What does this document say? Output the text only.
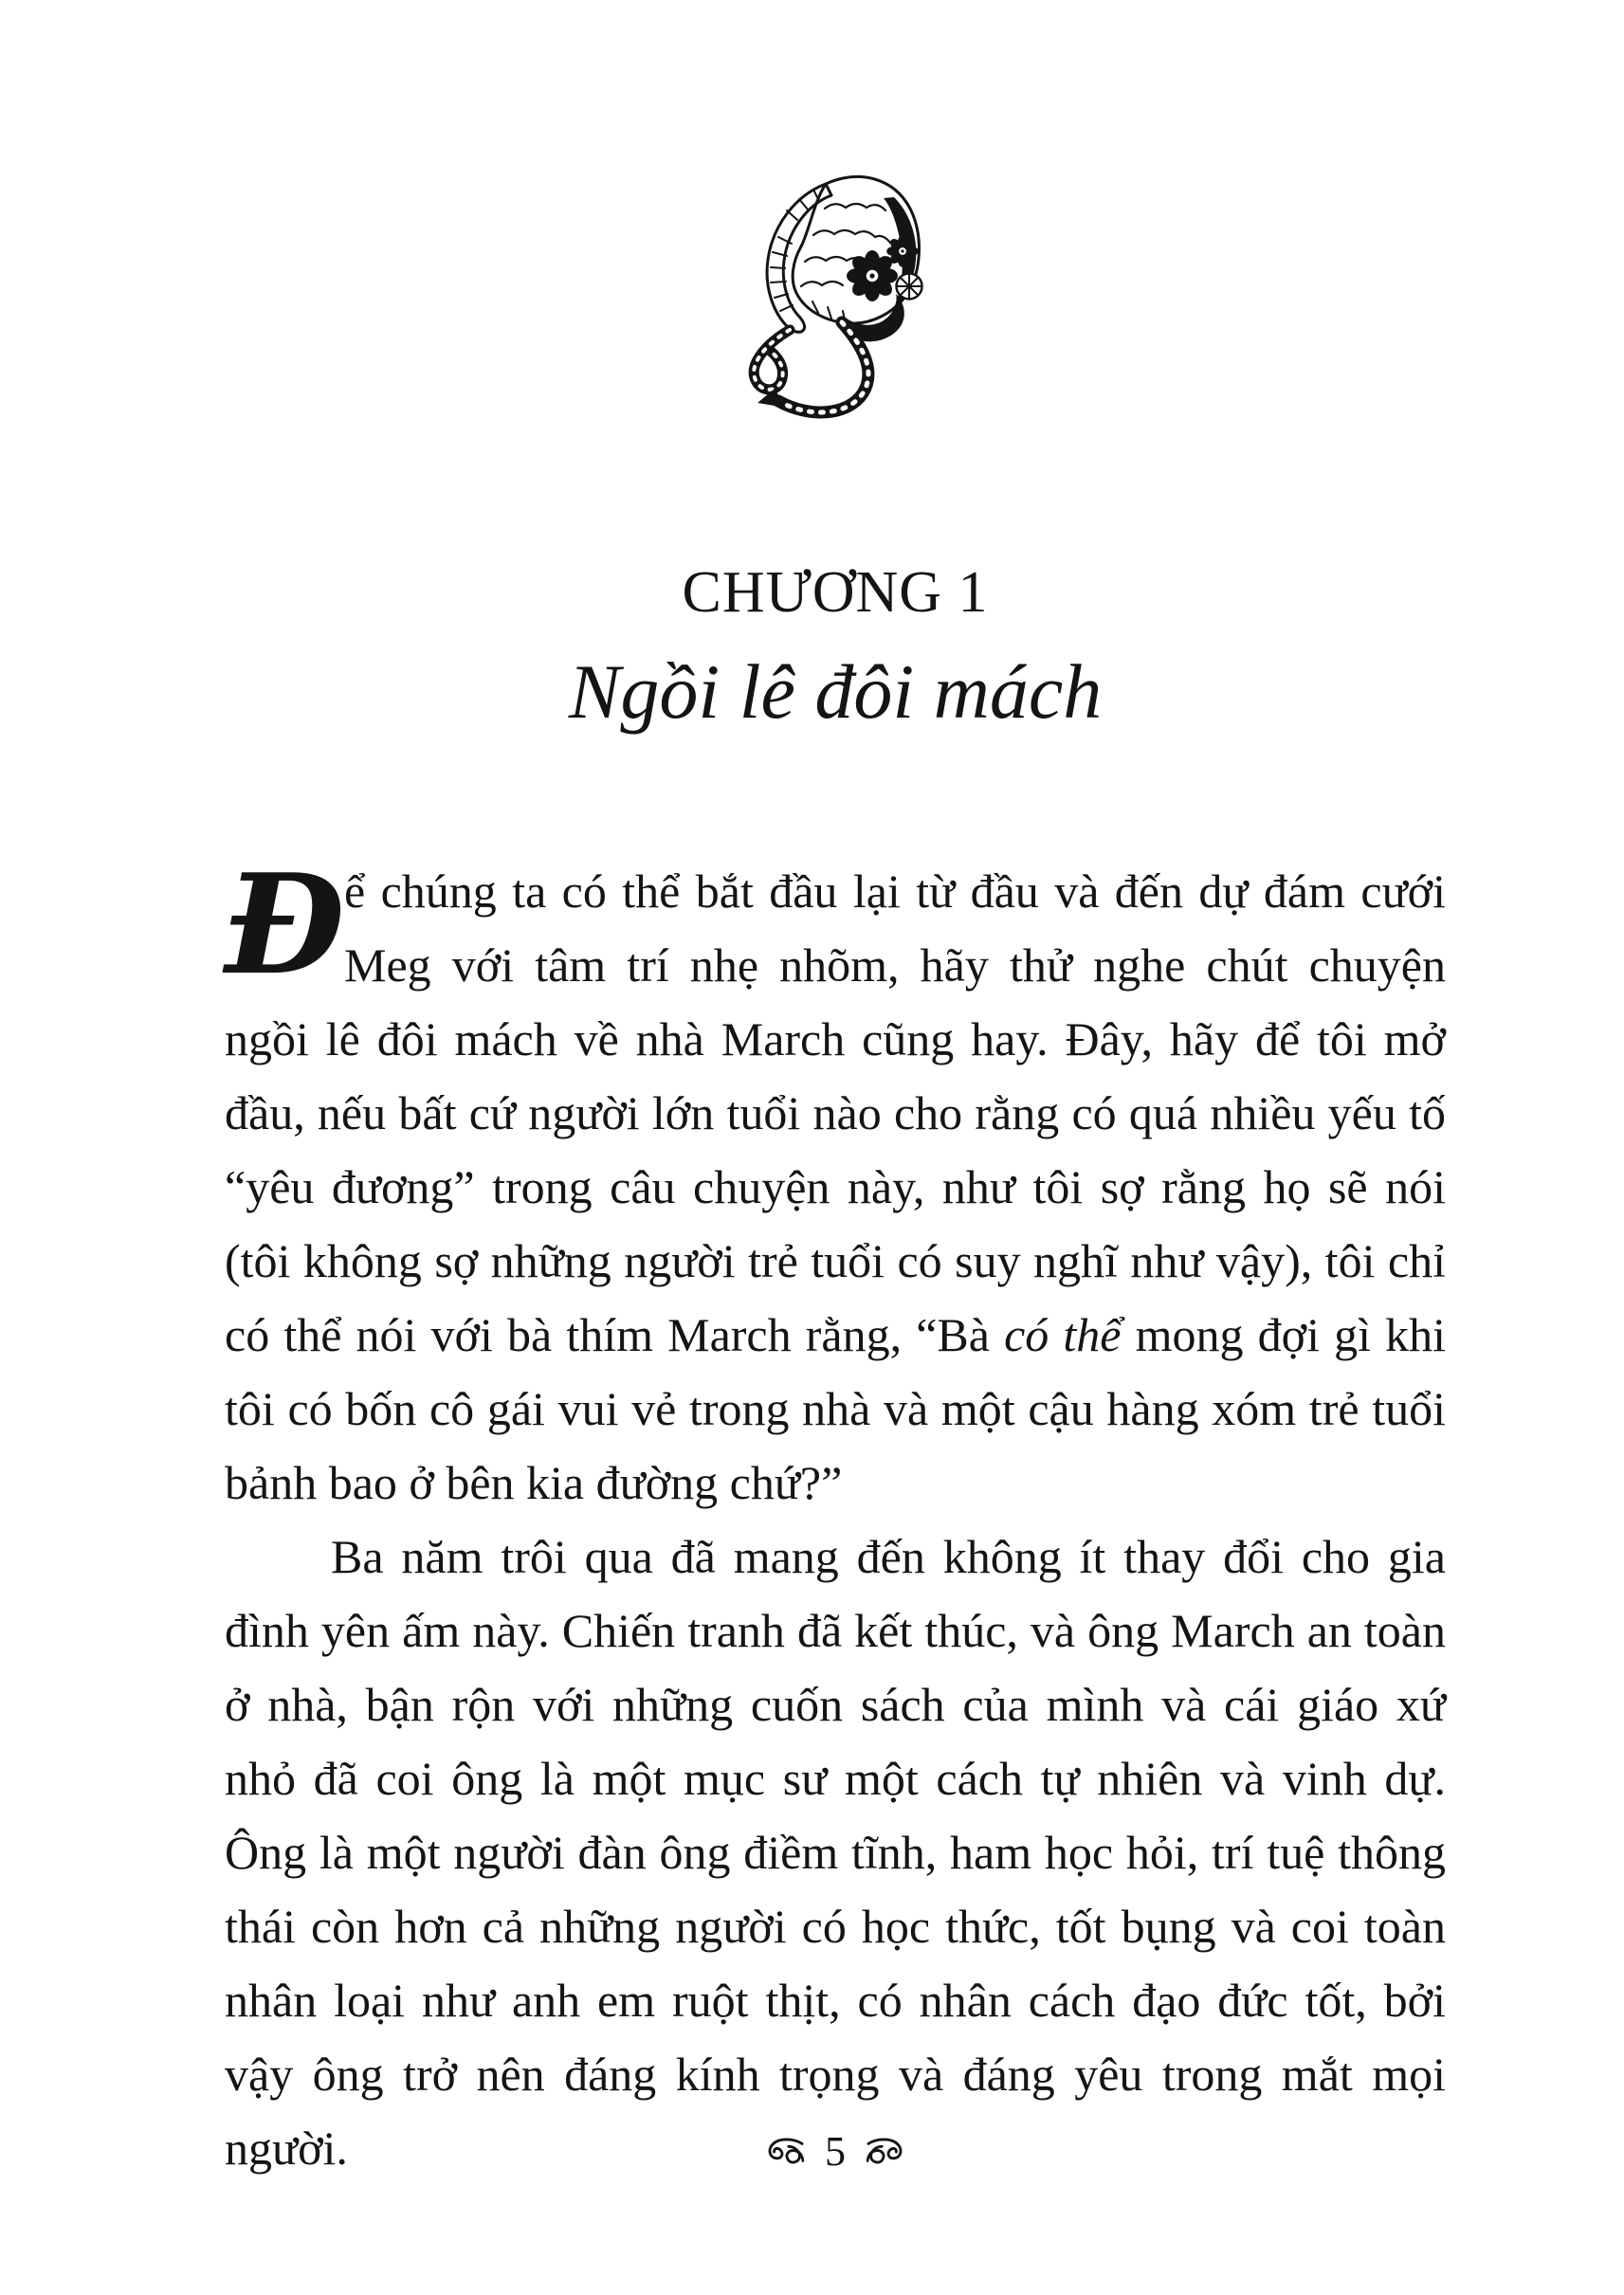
CHƯƠNG 1
Ngồi lê đôi mách

Để chúng ta có thể bắt đầu lại từ đầu và đến dự đám cưới Meg với tâm trí nhẹ nhõm, hãy thử nghe chút chuyện ngồi lê đôi mách về nhà March cũng hay. Đây, hãy để tôi mở đầu, nếu bất cứ người lớn tuổi nào cho rằng có quá nhiều yếu tố “yêu đương” trong câu chuyện này, như tôi sợ rằng họ sẽ nói (tôi không sợ những người trẻ tuổi có suy nghĩ như vậy), tôi chỉ có thể nói với bà thím March rằng, “Bà có thể mong đợi gì khi tôi có bốn cô gái vui vẻ trong nhà và một cậu hàng xóm trẻ tuổi bảnh bao ở bên kia đường chứ?”

Ba năm trôi qua đã mang đến không ít thay đổi cho gia đình yên ấm này. Chiến tranh đã kết thúc, và ông March an toàn ở nhà, bận rộn với những cuốn sách của mình và cái giáo xứ nhỏ đã coi ông là một mục sư một cách tự nhiên và vinh dự. Ông là một người đàn ông điềm tĩnh, ham học hỏi, trí tuệ thông thái còn hơn cả những người có học thức, tốt bụng và coi toàn nhân loại như anh em ruột thịt, có nhân cách đạo đức tốt, bởi vậy ông trở nên đáng kính trọng và đáng yêu trong mắt mọi người.	5
